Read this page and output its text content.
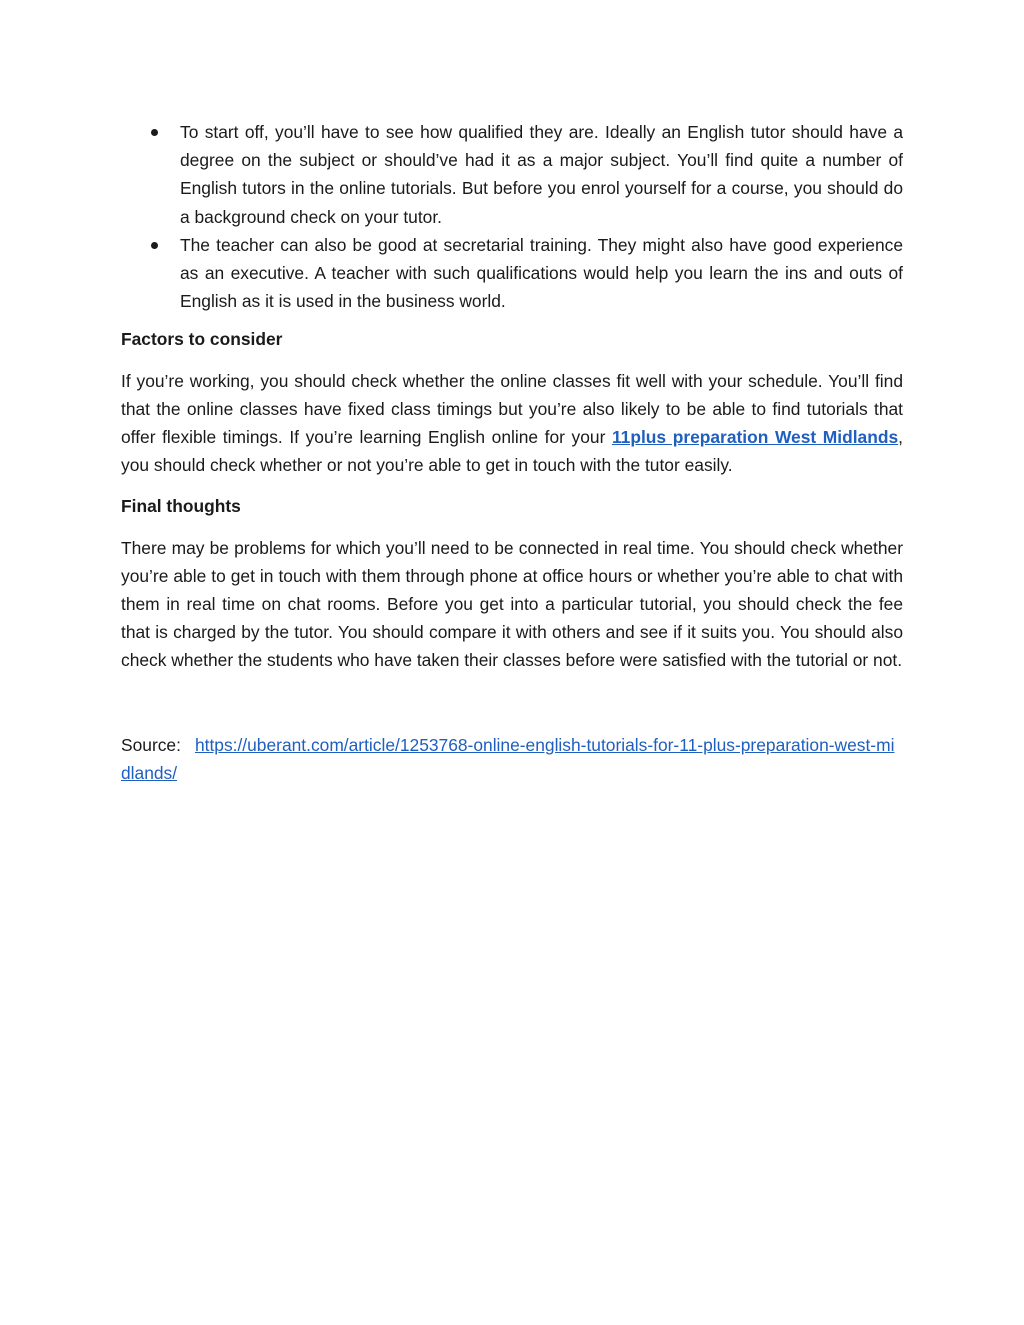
To start off, you’ll have to see how qualified they are. Ideally an English tutor should have a degree on the subject or should’ve had it as a major subject. You’ll find quite a number of English tutors in the online tutorials. But before you enrol yourself for a course, you should do a background check on your tutor.
The teacher can also be good at secretarial training. They might also have good experience as an executive. A teacher with such qualifications would help you learn the ins and outs of English as it is used in the business world.
Factors to consider

If you’re working, you should check whether the online classes fit well with your schedule. You’ll find that the online classes have fixed class timings but you’re also likely to be able to find tutorials that offer flexible timings. If you’re learning English online for your 11plus preparation West Midlands, you should check whether or not you’re able to get in touch with the tutor easily.

Final thoughts

There may be problems for which you’ll need to be connected in real time. You should check whether you’re able to get in touch with them through phone at office hours or whether you’re able to chat with them in real time on chat rooms. Before you get into a particular tutorial, you should check the fee that is charged by the tutor. You should compare it with others and see if it suits you. You should also check whether the students who have taken their classes before were satisfied with the tutorial or not.

Source: https://uberant.com/article/1253768-online-english-tutorials-for-11-plus-preparation-west-midlands/
